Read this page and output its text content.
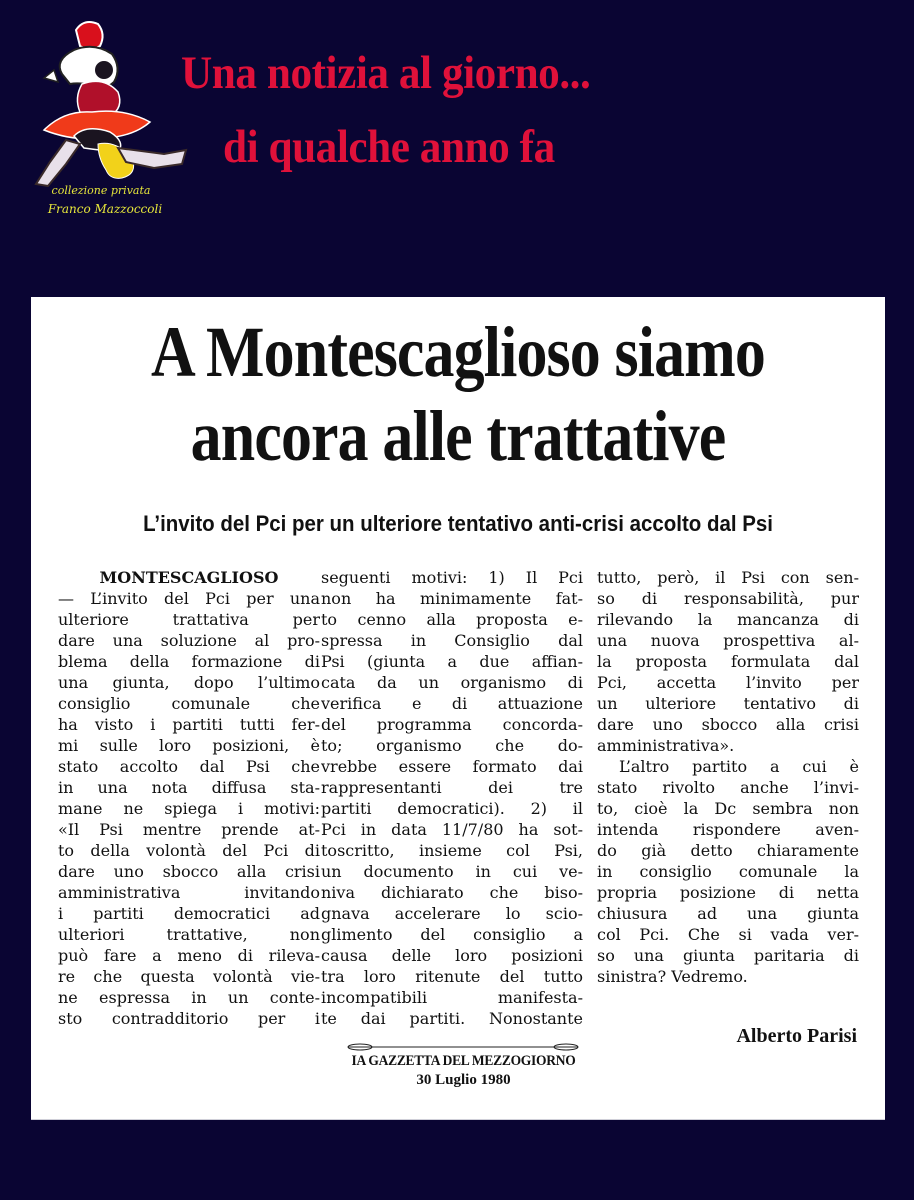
collezione privata
Franco Mazzoccoli
Una notizia al giorno...
di qualche anno fa
A Montescaglioso siamo
ancora alle trattative
L’invito del Pci per un ulteriore tentativo anti-crisi accolto dal Psi
MONTESCAGLIOSO
— L’invito del Pci per una
ulteriore trattativa per
dare una soluzione al pro-
blema della formazione di
una giunta, dopo l’ultimo
consiglio comunale che
ha visto i partiti tutti fer-
mi sulle loro posizioni, è
stato accolto dal Psi che
in una nota diffusa sta-
mane ne spiega i motivi:
«Il Psi mentre prende at-
to della volontà del Pci di
dare uno sbocco alla crisi
amministrativa invitando
i partiti democratici ad
ulteriori trattative, non
può fare a meno di rileva-
re che questa volontà vie-
ne espressa in un conte-
sto contradditorio per i
seguenti motivi: 1) Il Pci
non ha minimamente fat-
to cenno alla proposta e-
spressa in Consiglio dal
Psi (giunta a due affian-
cata da un organismo di
verifica e di attuazione
del programma concorda-
to; organismo che do-
vrebbe essere formato dai
rappresentanti dei tre
partiti democratici). 2) il
Pci in data 11/7/80 ha sot-
toscritto, insieme col Psi,
un documento in cui ve-
niva dichiarato che biso-
gnava accelerare lo scio-
glimento del consiglio a
causa delle loro posizioni
tra loro ritenute del tutto
incompatibili manifesta-
te dai partiti. Nonostante
tutto, però, il Psi con sen-
so di responsabilità, pur
rilevando la mancanza di
una nuova prospettiva al-
la proposta formulata dal
Pci, accetta l’invito per
un ulteriore tentativo di
dare uno sbocco alla crisi
amministrativa».
L’altro partito a cui è
stato rivolto anche l’invi-
to, cioè la Dc sembra non
intenda rispondere aven-
do già detto chiaramente
in consiglio comunale la
propria posizione di netta
chiusura ad una giunta
col Pci. Che si vada ver-
so una giunta paritaria di
sinistra? Vedremo.
Alberto Parisi
IA GAZZETTA DEL MEZZOGIORNO
30 Luglio 1980
